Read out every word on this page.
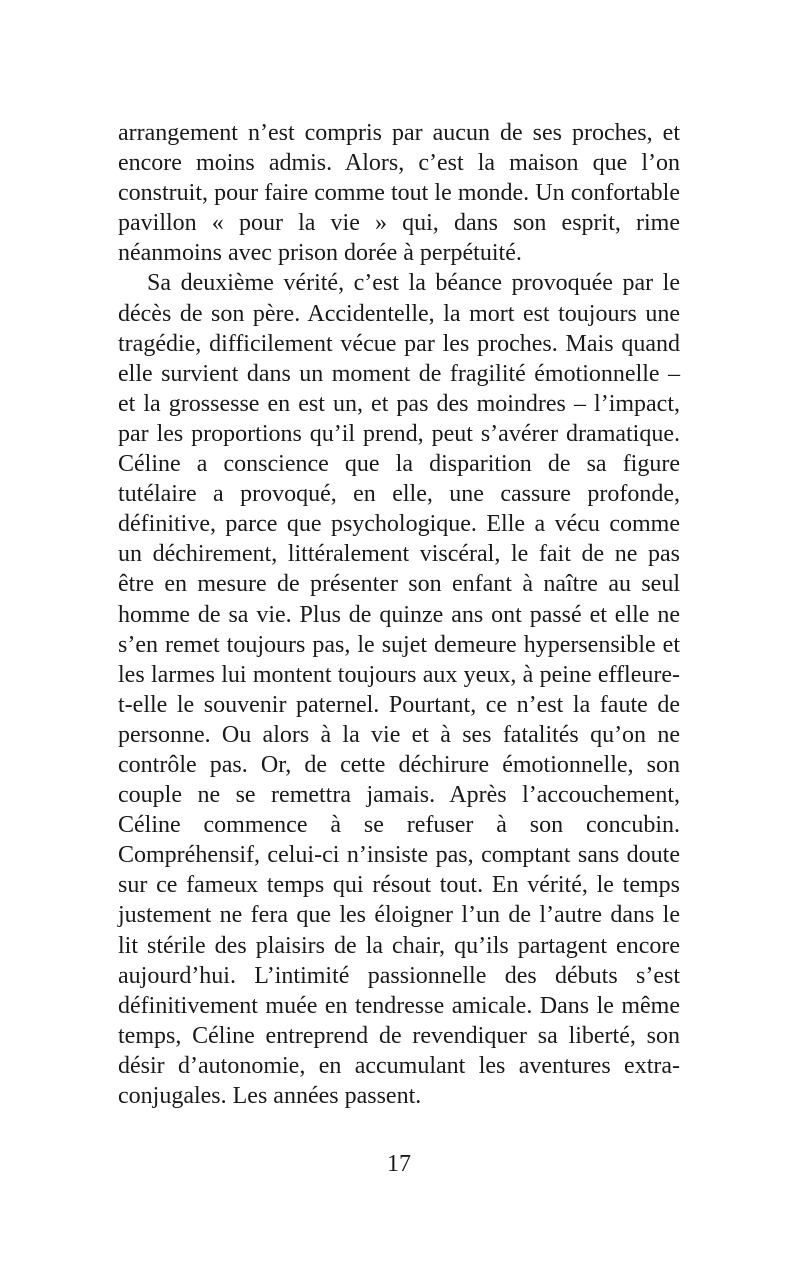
arrangement n’est compris par aucun de ses proches, et encore moins admis. Alors, c’est la maison que l’on construit, pour faire comme tout le monde. Un confortable pavillon « pour la vie » qui, dans son esprit, rime néanmoins avec prison dorée à perpétuité.

Sa deuxième vérité, c’est la béance provoquée par le décès de son père. Accidentelle, la mort est toujours une tragédie, difficilement vécue par les proches. Mais quand elle survient dans un moment de fragilité émotionnelle – et la grossesse en est un, et pas des moindres – l’impact, par les proportions qu’il prend, peut s’avérer dramatique. Céline a conscience que la disparition de sa figure tutélaire a provoqué, en elle, une cassure profonde, définitive, parce que psychologique. Elle a vécu comme un déchirement, littéralement viscéral, le fait de ne pas être en mesure de présenter son enfant à naître au seul homme de sa vie. Plus de quinze ans ont passé et elle ne s’en remet toujours pas, le sujet demeure hypersensible et les larmes lui montent toujours aux yeux, à peine effleure-t-elle le souvenir paternel. Pourtant, ce n’est la faute de personne. Ou alors à la vie et à ses fatalités qu’on ne contrôle pas. Or, de cette déchirure émotionnelle, son couple ne se remettra jamais. Après l’accouchement, Céline commence à se refuser à son concubin. Compréhensif, celui-ci n’insiste pas, comptant sans doute sur ce fameux temps qui résout tout. En vérité, le temps justement ne fera que les éloigner l’un de l’autre dans le lit stérile des plaisirs de la chair, qu’ils partagent encore aujourd’hui. L’intimité passionnelle des débuts s’est définitivement muée en tendresse amicale. Dans le même temps, Céline entreprend de revendiquer sa liberté, son désir d’autonomie, en accumulant les aventures extra-conjugales. Les années passent.

17
